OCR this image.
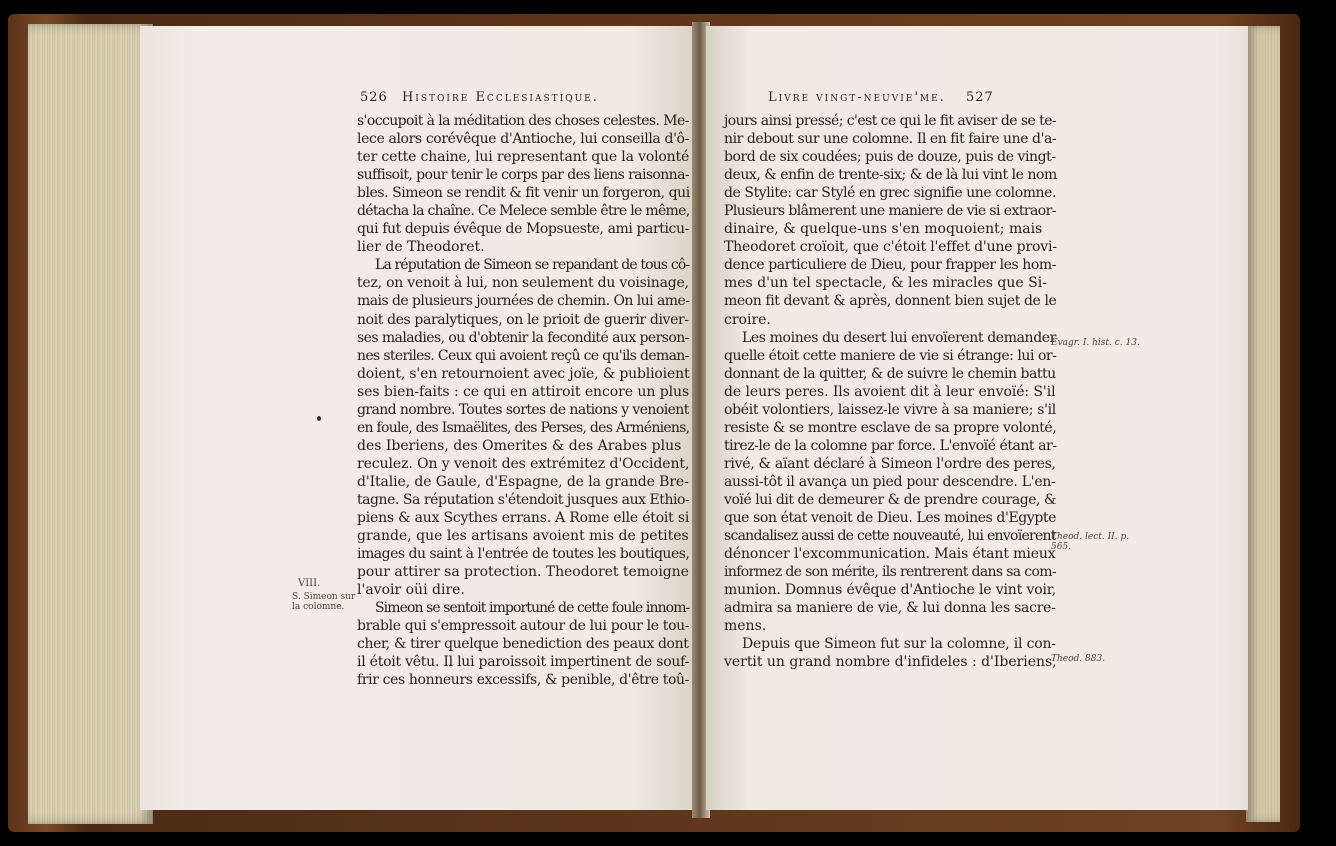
526 Histoire Ecclesiastique.
s'occupoit à la méditation des choses celestes. Me-
lece alors corévêque d'Antioche, lui conseilla d'ô-
ter cette chaine, lui representant que la volonté
suffisoit, pour tenir le corps par des liens raisonna-
bles. Simeon se rendit & fit venir un forgeron, qui
détacha la chaîne. Ce Melece semble être le même,
qui fut depuis évêque de Mopsueste, ami particu-
lier de Theodoret.
La réputation de Simeon se repandant de tous cô-
tez, on venoit à lui, non seulement du voisinage,
mais de plusieurs journées de chemin. On lui ame-
noit des paralytiques, on le prioit de guerir diver-
ses maladies, ou d'obtenir la fecondité aux person-
nes steriles. Ceux qui avoient reçû ce qu'ils deman-
doient, s'en retournoient avec joïe, & publioient
ses bien-faits : ce qui en attiroit encore un plus
grand nombre. Toutes sortes de nations y venoient
en foule, des Ismaëlites, des Perses, des Arméniens,
des Iberiens, des Omerites & des Arabes plus
reculez. On y venoit des extrémitez d'Occident,
d'Italie, de Gaule, d'Espagne, de la grande Bre-
tagne. Sa réputation s'étendoit jusques aux Ethio-
piens & aux Scythes errans. A Rome elle étoit si
grande, que les artisans avoient mis de petites
images du saint à l'entrée de toutes les boutiques,
pour attirer sa protection. Theodoret temoigne
l'avoir oüi dire.
Simeon se sentoit importuné de cette foule innom-
brable qui s'empressoit autour de lui pour le tou-
cher, & tirer quelque benediction des peaux dont
il étoit vêtu. Il lui paroissoit impertinent de souf-
frir ces honneurs excessifs, & penible, d'être toû-
VIII.
S. Simeon sur
la colomne.
Livre vingt-neuvie'me. 527
jours ainsi pressé; c'est ce qui le fit aviser de se te-
nir debout sur une colomne. Il en fit faire une d'a-
bord de six coudées; puis de douze, puis de vingt-
deux, & enfin de trente-six; & de là lui vint le nom
de Stylite: car Stylé en grec signifie une colomne.
Plusieurs blâmerent une maniere de vie si extraor-
dinaire, & quelque-uns s'en moquoient; mais
Theodoret croïoit, que c'étoit l'effet d'une provi-
dence particuliere de Dieu, pour frapper les hom-
mes d'un tel spectacle, & les miracles que Si-
meon fit devant & après, donnent bien sujet de le
croire.
Les moines du desert lui envoïerent demander
quelle étoit cette maniere de vie si étrange: lui or-
donnant de la quitter, & de suivre le chemin battu
de leurs peres. Ils avoient dit à leur envoïé: S'il
obéit volontiers, laissez-le vivre à sa maniere; s'il
resiste & se montre esclave de sa propre volonté,
tirez-le de la colomne par force. L'envoïé étant ar-
rivé, & aïant déclaré à Simeon l'ordre des peres,
aussi-tôt il avança un pied pour descendre. L'en-
voïé lui dit de demeurer & de prendre courage, &
que son état venoit de Dieu. Les moines d'Egypte
scandalisez aussi de cette nouveauté, lui envoïerent
dénoncer l'excommunication. Mais étant mieux
informez de son mérite, ils rentrerent dans sa com-
munion. Domnus évêque d'Antioche le vint voir,
admira sa maniere de vie, & lui donna les sacre-
mens.
Depuis que Simeon fut sur la colomne, il con-
vertit un grand nombre d'infideles : d'Iberiens,
Evagr. I. hist. c. 13.
Theod. lect. II. p.
565.
Theod. 883.
